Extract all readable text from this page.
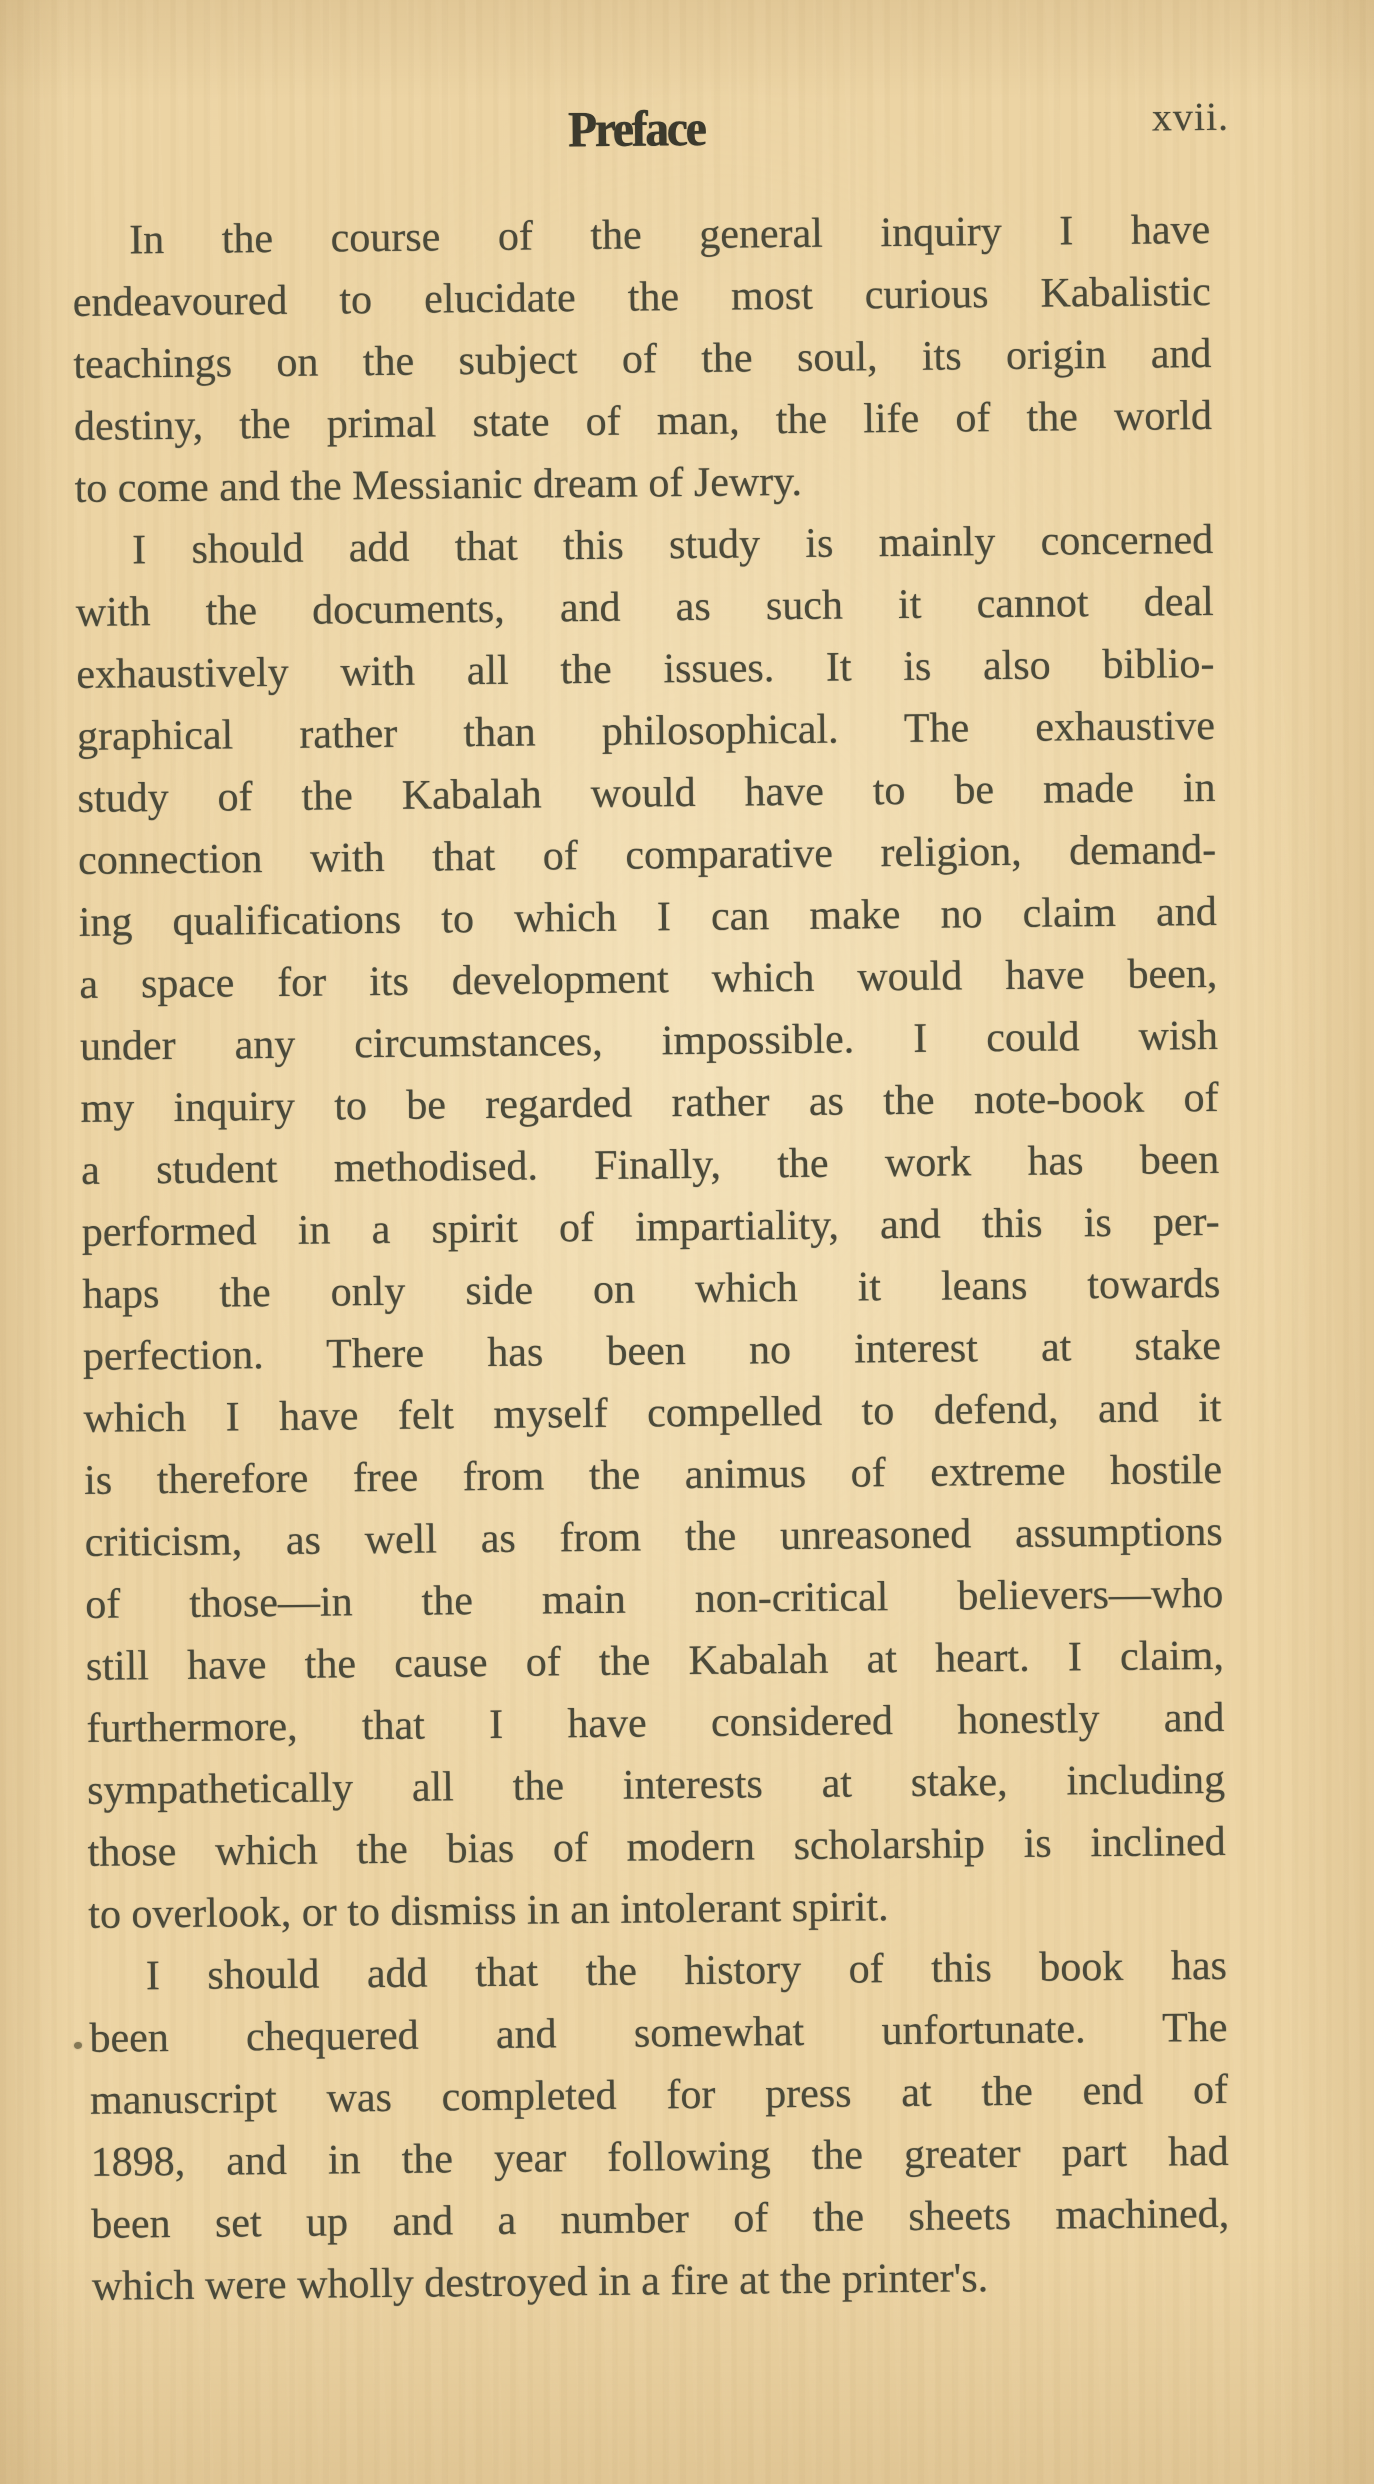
Preface	xvii.
In the course of the general inquiry I have
endeavoured to elucidate the most curious Kabalistic
teachings on the subject of the soul, its origin and
destiny, the primal state of man, the life of the world
to come and the Messianic dream of Jewry.
I should add that this study is mainly concerned
with the documents, and as such it cannot deal
exhaustively with all the issues. It is also biblio-
graphical rather than philosophical. The exhaustive
study of the Kabalah would have to be made in
connection with that of comparative religion, demand-
ing qualifications to which I can make no claim and
a space for its development which would have been,
under any circumstances, impossible. I could wish
my inquiry to be regarded rather as the note-book of
a student methodised. Finally, the work has been
performed in a spirit of impartiality, and this is per-
haps the only side on which it leans towards
perfection. There has been no interest at stake
which I have felt myself compelled to defend, and it
is therefore free from the animus of extreme hostile
criticism, as well as from the unreasoned assumptions
of those—in the main non-critical believers—who
still have the cause of the Kabalah at heart. I claim,
furthermore, that I have considered honestly and
sympathetically all the interests at stake, including
those which the bias of modern scholarship is inclined
to overlook, or to dismiss in an intolerant spirit.
I should add that the history of this book has
been chequered and somewhat unfortunate. The
manuscript was completed for press at the end of
1898, and in the year following the greater part had
been set up and a number of the sheets machined,
which were wholly destroyed in a fire at the printer's.
